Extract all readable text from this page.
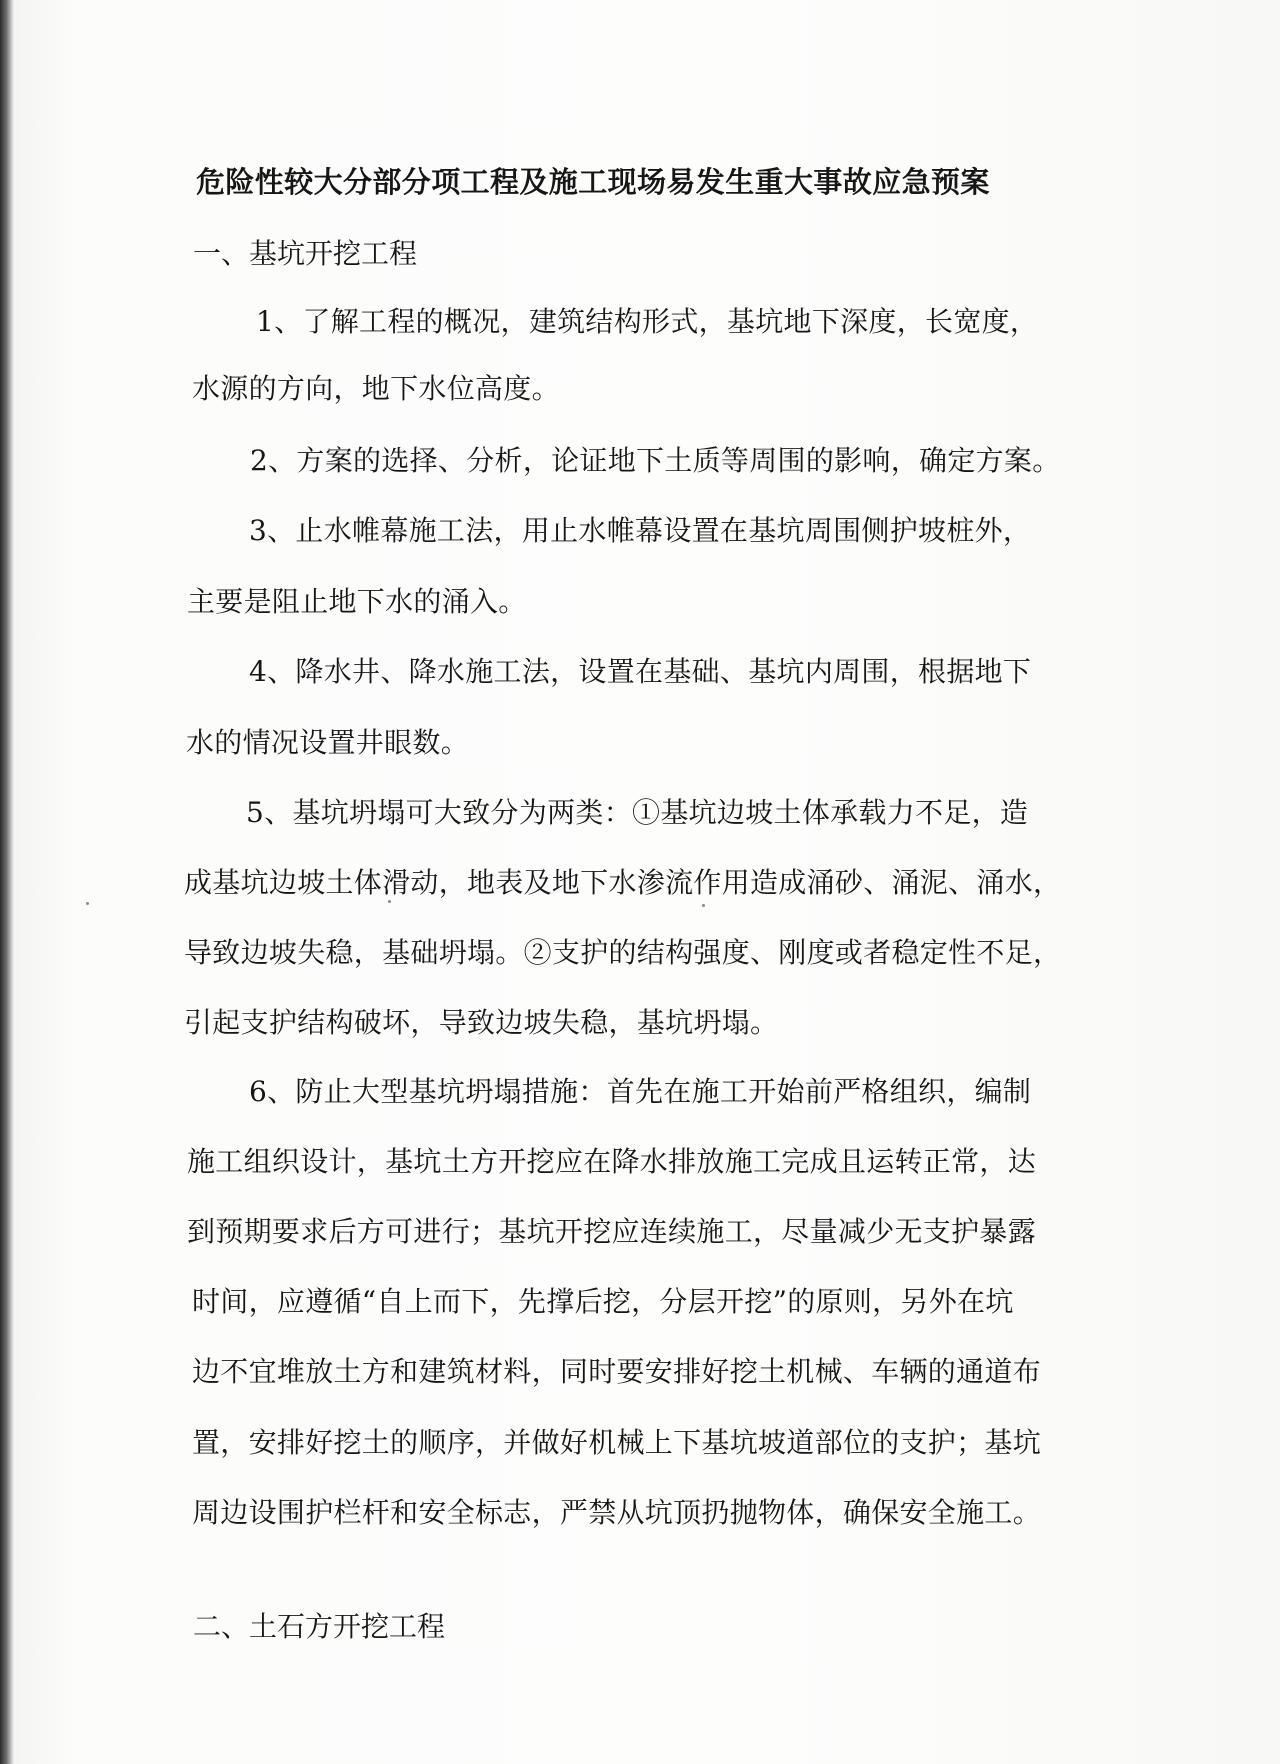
危险性较大分部分项工程及施工现场易发生重大事故应急预案
一、基坑开挖工程
1、了解工程的概况，建筑结构形式，基坑地下深度，长宽度，
水源的方向，地下水位高度。
2、方案的选择、分析，论证地下土质等周围的影响，确定方案。
3、止水帷幕施工法，用止水帷幕设置在基坑周围侧护坡桩外，
主要是阻止地下水的涌入。
4、降水井、降水施工法，设置在基础、基坑内周围，根据地下
水的情况设置井眼数。
5、基坑坍塌可大致分为两类：①基坑边坡土体承载力不足，造
成基坑边坡土体滑动，地表及地下水渗流作用造成涌砂、涌泥、涌水，
导致边坡失稳，基础坍塌。②支护的结构强度、刚度或者稳定性不足，
引起支护结构破坏，导致边坡失稳，基坑坍塌。
6、防止大型基坑坍塌措施：首先在施工开始前严格组织，编制
施工组织设计，基坑土方开挖应在降水排放施工完成且运转正常，达
到预期要求后方可进行；基坑开挖应连续施工，尽量减少无支护暴露
时间，应遵循“自上而下，先撑后挖，分层开挖”的原则，另外在坑
边不宜堆放土方和建筑材料，同时要安排好挖土机械、车辆的通道布
置，安排好挖土的顺序，并做好机械上下基坑坡道部位的支护；基坑
周边设围护栏杆和安全标志，严禁从坑顶扔抛物体，确保安全施工。
二、土石方开挖工程
